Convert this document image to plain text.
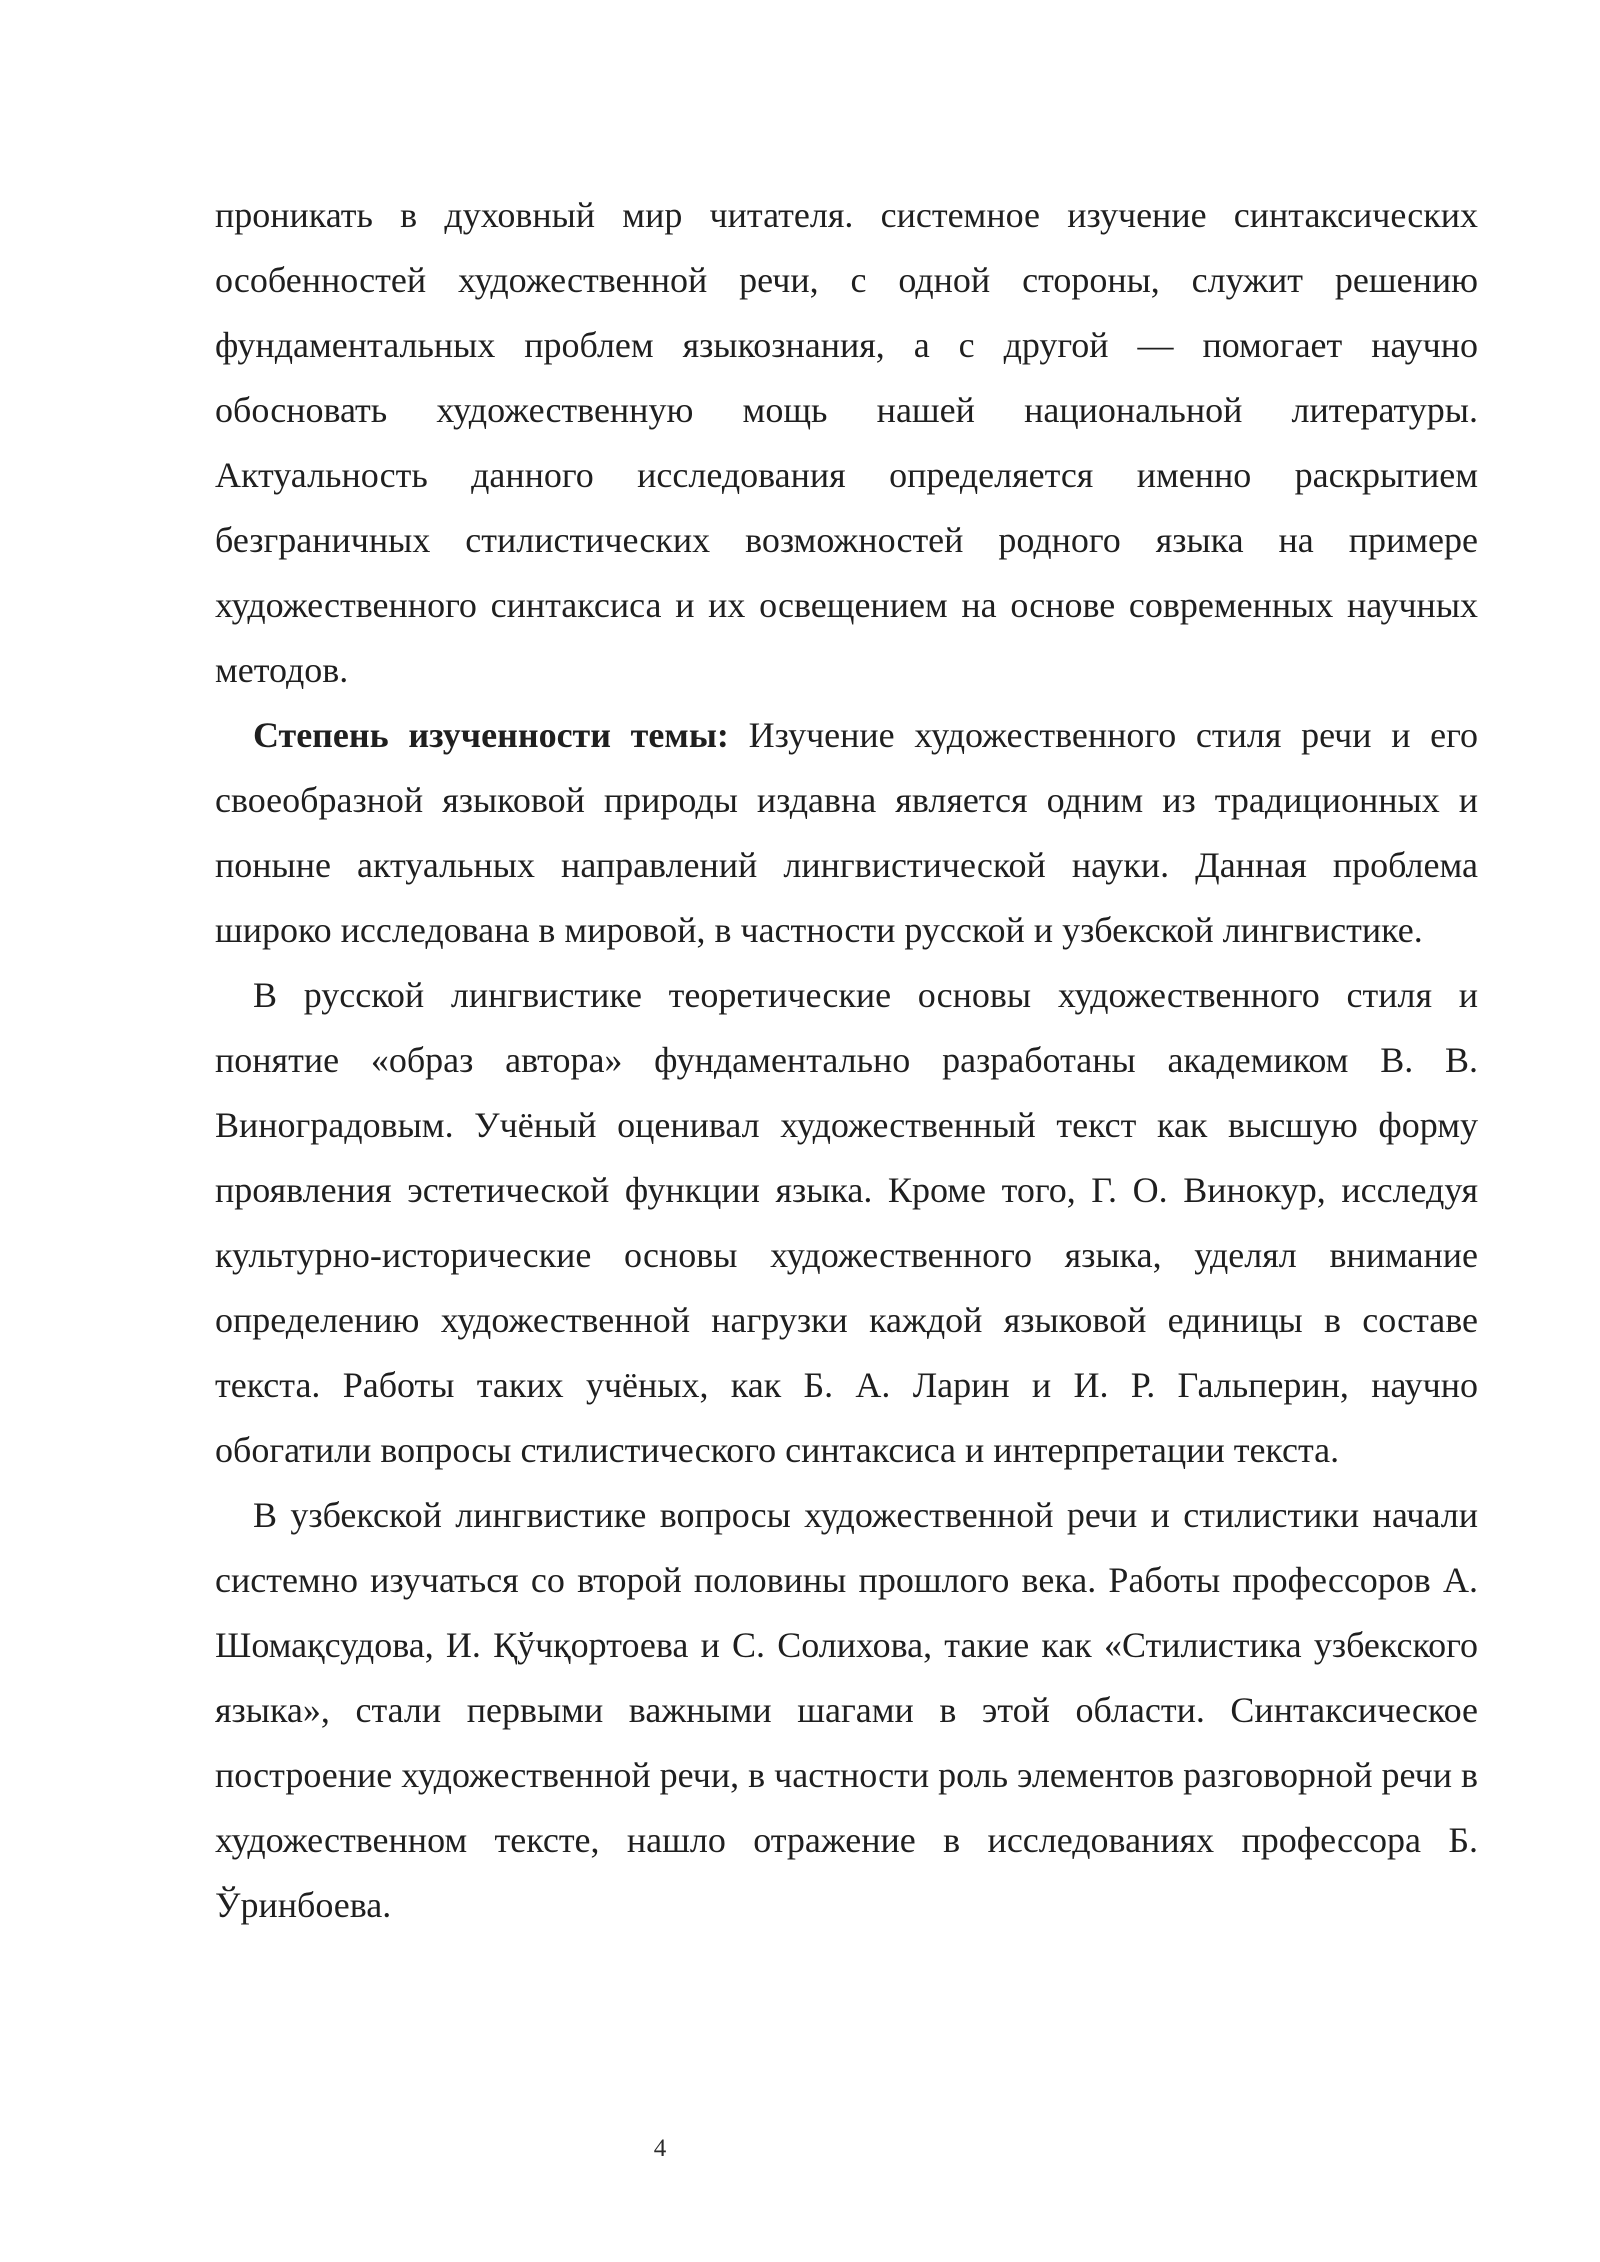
проникать в духовный мир читателя. системное изучение синтаксических особенностей художественной речи, с одной стороны, служит решению фундаментальных проблем языкознания, а с другой — помогает научно обосновать художественную мощь нашей национальной литературы. Актуальность данного исследования определяется именно раскрытием безграничных стилистических возможностей родного языка на примере художественного синтаксиса и их освещением на основе современных научных методов.

Степень изученности темы: Изучение художественного стиля речи и его своеобразной языковой природы издавна является одним из традиционных и поныне актуальных направлений лингвистической науки. Данная проблема широко исследована в мировой, в частности русской и узбекской лингвистике.

В русской лингвистике теоретические основы художественного стиля и понятие «образ автора» фундаментально разработаны академиком В. В. Виноградовым. Учёный оценивал художественный текст как высшую форму проявления эстетической функции языка. Кроме того, Г. О. Винокур, исследуя культурно-исторические основы художественного языка, уделял внимание определению художественной нагрузки каждой языковой единицы в составе текста. Работы таких учёных, как Б. А. Ларин и И. Р. Гальперин, научно обогатили вопросы стилистического синтаксиса и интерпретации текста.

В узбекской лингвистике вопросы художественной речи и стилистики начали системно изучаться со второй половины прошлого века. Работы профессоров А. Шомақсудова, И. Қўчқортоева и С. Солихова, такие как «Стилистика узбекского языка», стали первыми важными шагами в этой области. Синтаксическое построение художественной речи, в частности роль элементов разговорной речи в художественном тексте, нашло отражение в исследованиях профессора Б. Ўринбоева.

4
